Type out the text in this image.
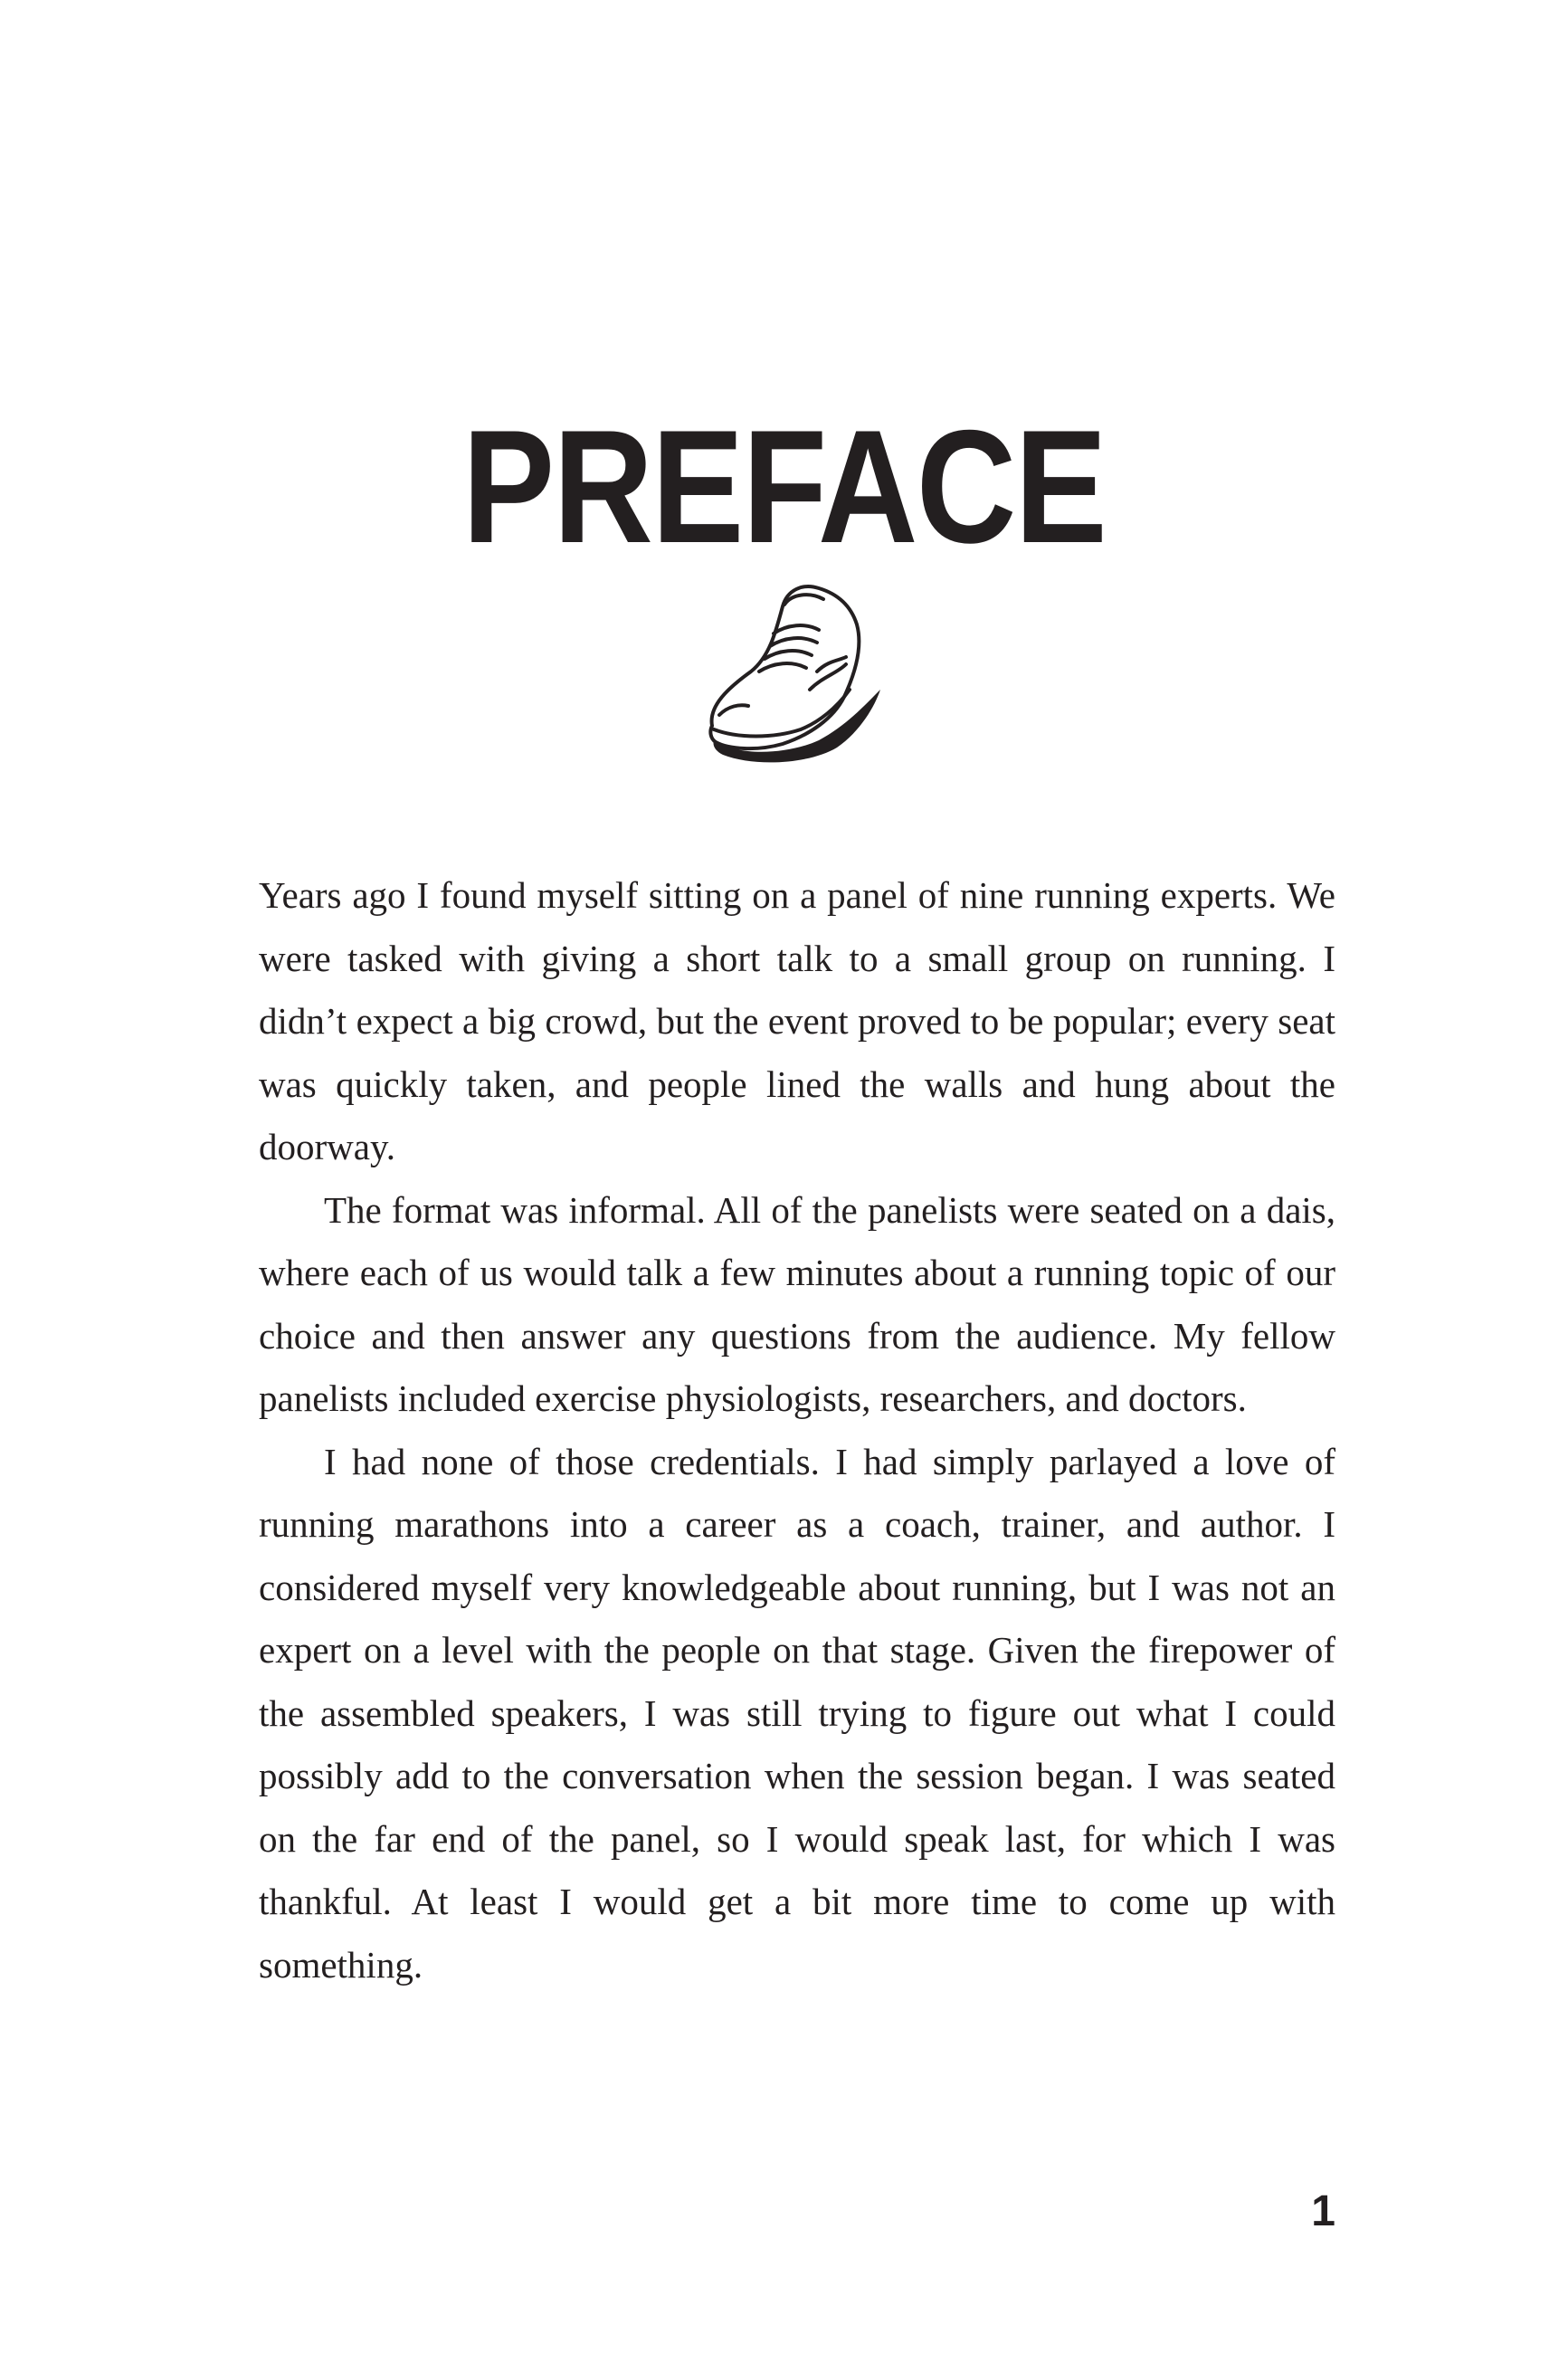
PREFACE

Years ago I found myself sitting on a panel of nine running experts. We were tasked with giving a short talk to a small group on running. I didn’t expect a big crowd, but the event proved to be popular; every seat was quickly taken, and people lined the walls and hung about the doorway.

The format was informal. All of the panelists were seated on a dais, where each of us would talk a few minutes about a running topic of our choice and then answer any questions from the audience. My fellow panelists included exercise physiologists, researchers, and doctors.

I had none of those credentials. I had simply parlayed a love of running marathons into a career as a coach, trainer, and author. I considered myself very knowledgeable about running, but I was not an expert on a level with the people on that stage. Given the firepower of the assembled speakers, I was still trying to figure out what I could possibly add to the conversation when the session began. I was seated on the far end of the panel, so I would speak last, for which I was thankful. At least I would get a bit more time to come up with something.

1
